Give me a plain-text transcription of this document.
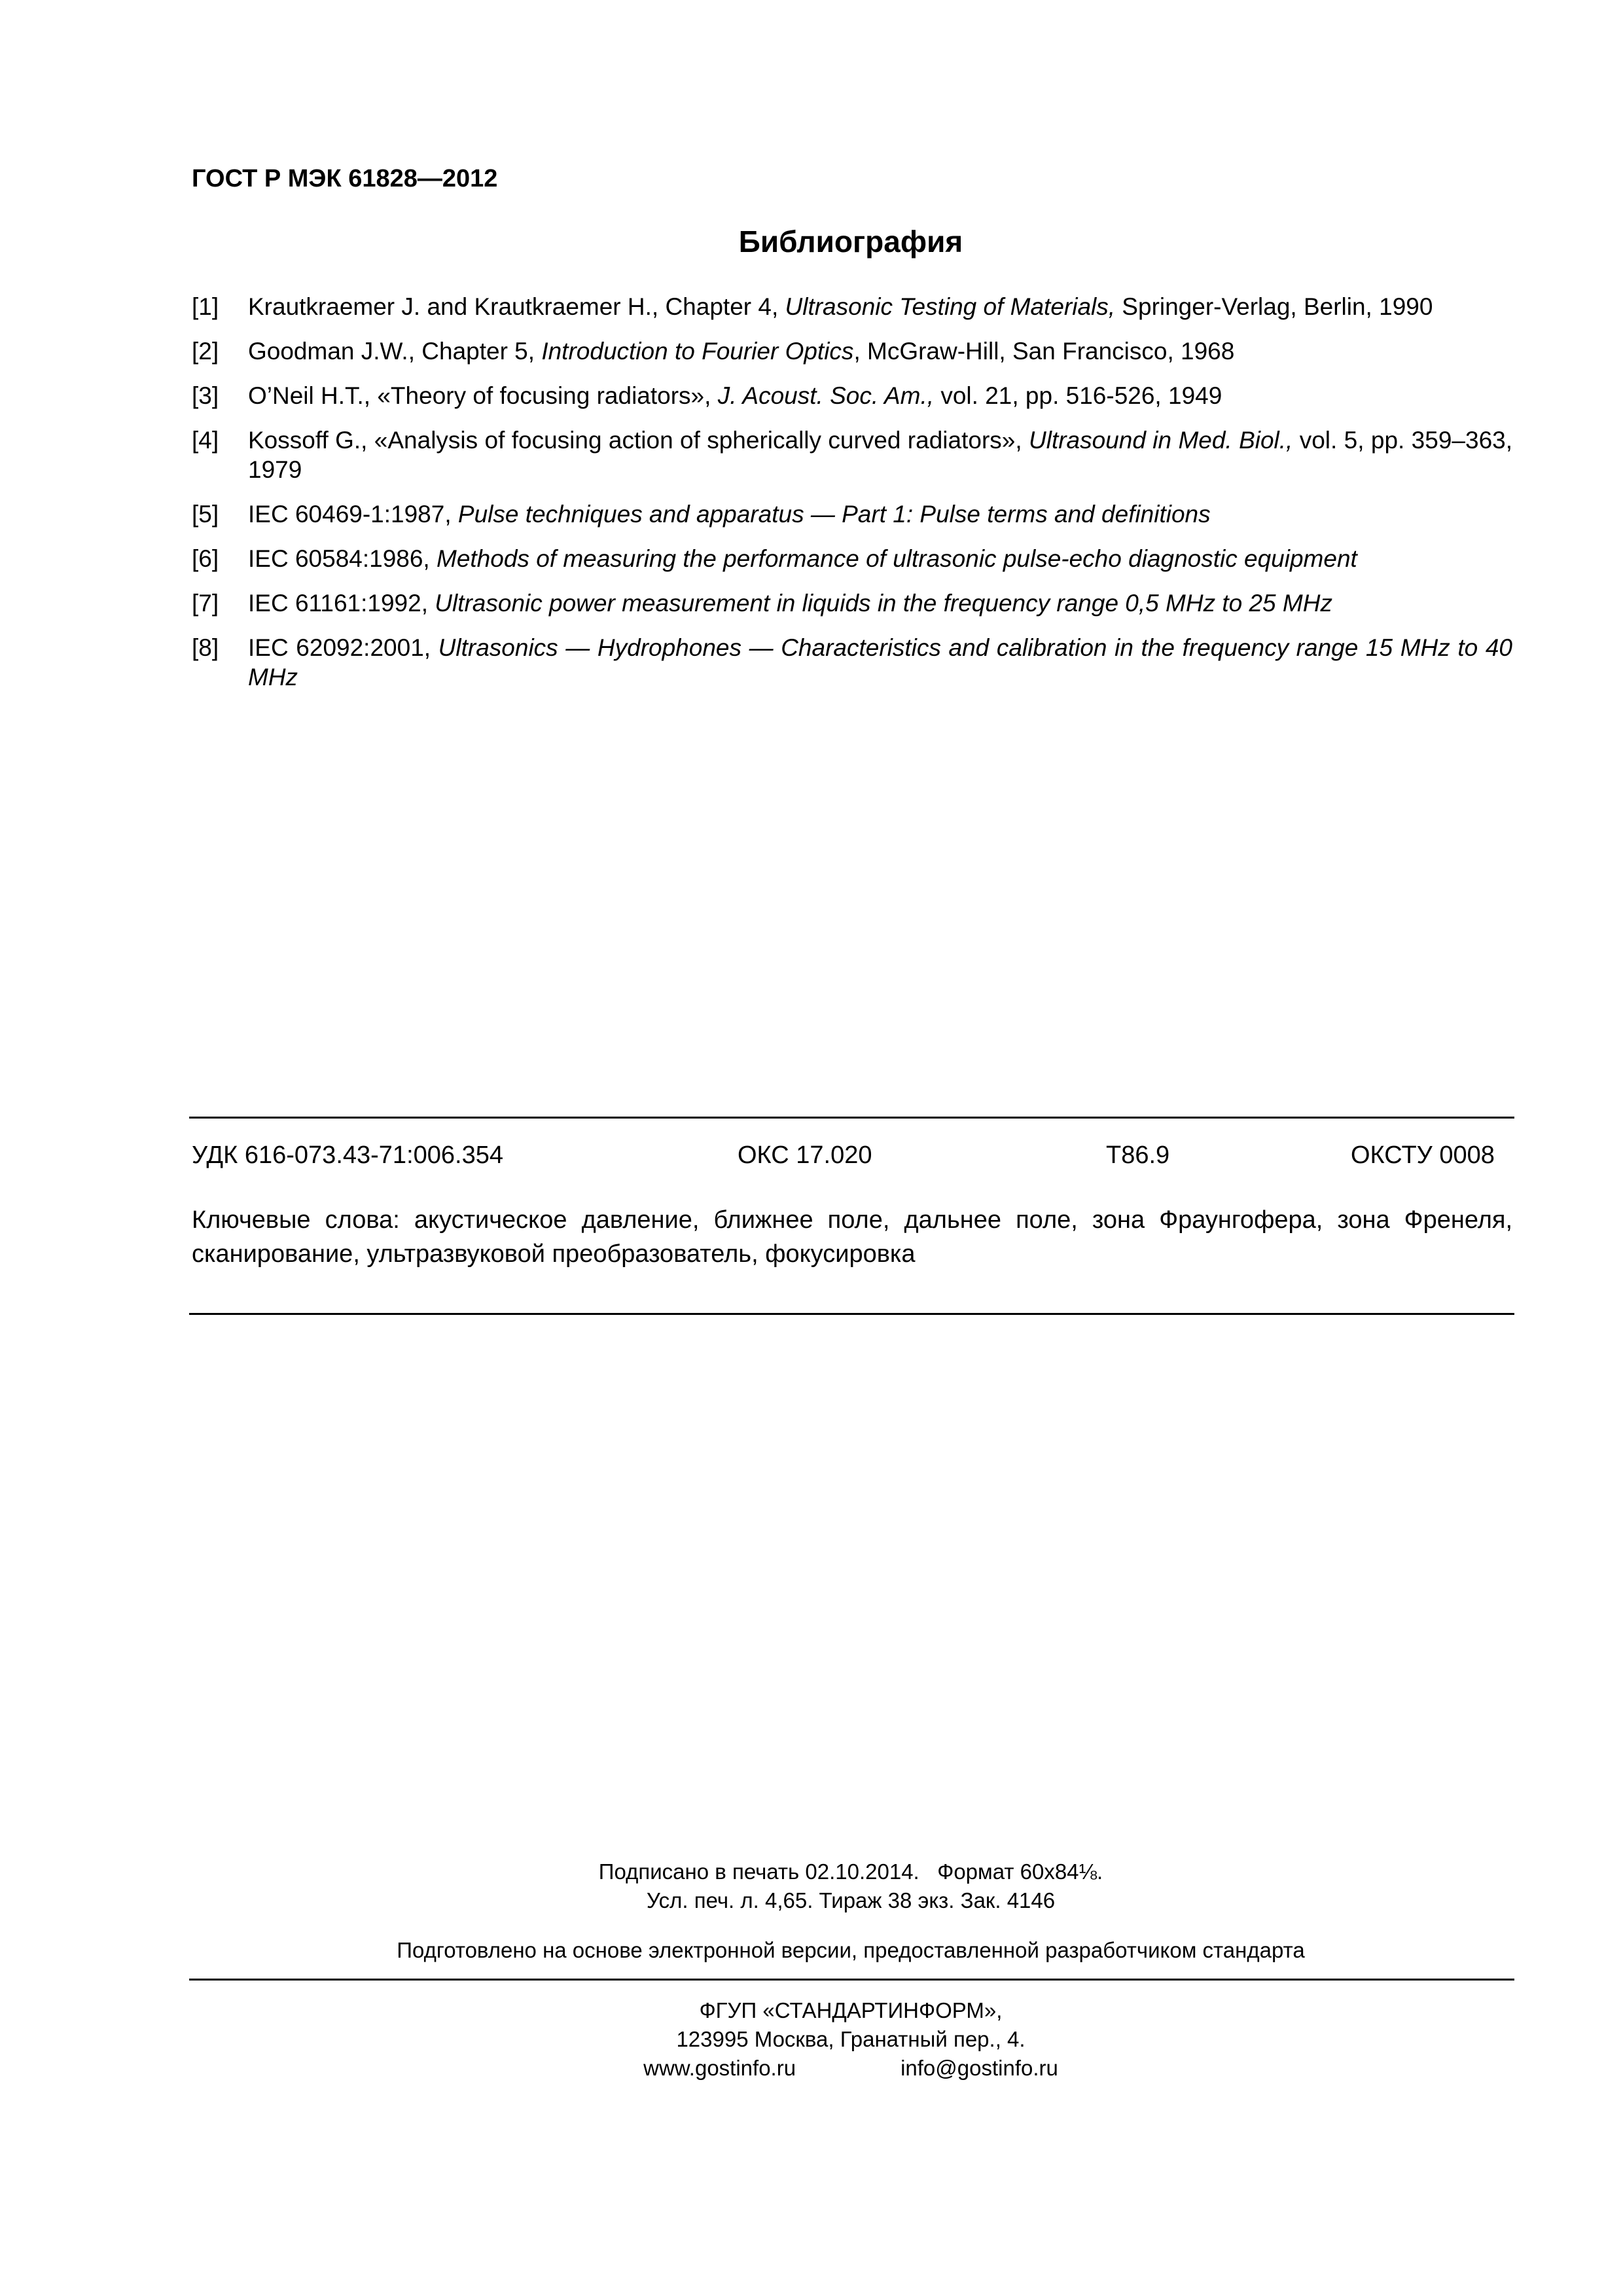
ГОСТ Р МЭК 61828—2012
Библиография
[1]	Krautkraemer J. and Krautkraemer H., Chapter 4, Ultrasonic Testing of Materials, Springer-Verlag, Berlin, 1990
[2]	Goodman J.W., Chapter 5, Introduction to Fourier Optics, McGraw-Hill, San Francisco, 1968
[3]	O’Neil H.T., «Theory of focusing radiators», J. Acoust. Soc. Am., vol. 21, pp. 516-526, 1949
[4]	Kossoff G., «Analysis of focusing action of spherically curved radiators», Ultrasound in Med. Biol., vol. 5, pp. 359–363, 1979
[5]	IEC 60469-1:1987, Pulse techniques and apparatus — Part 1: Pulse terms and definitions
[6]	IEC 60584:1986, Methods of measuring the performance of ultrasonic pulse-echo diagnostic equipment
[7]	IEC 61161:1992, Ultrasonic power measurement in liquids in the frequency range 0,5 MHz to 25 MHz
[8]	IEC 62092:2001, Ultrasonics — Hydrophones — Characteristics and calibration in the frequency range 15 MHz to 40 MHz
УДК 616-073.43-71:006.354	ОКС 17.020	Т86.9	ОКСТУ 0008
Ключевые слова: акустическое давление, ближнее поле, дальнее поле, зона Фраунгофера, зона Френеля, сканирование, ультразвуковой преобразователь, фокусировка
Подписано в печать 02.10.2014.   Формат 60x84⅛.
Усл. печ. л. 4,65. Тираж 38 экз. Зак. 4146
Подготовлено на основе электронной версии, предоставленной разработчиком стандарта
ФГУП «СТАНДАРТИНФОРМ»,
123995 Москва, Гранатный пер., 4.
www.gostinfo.ru	info@gostinfo.ru
